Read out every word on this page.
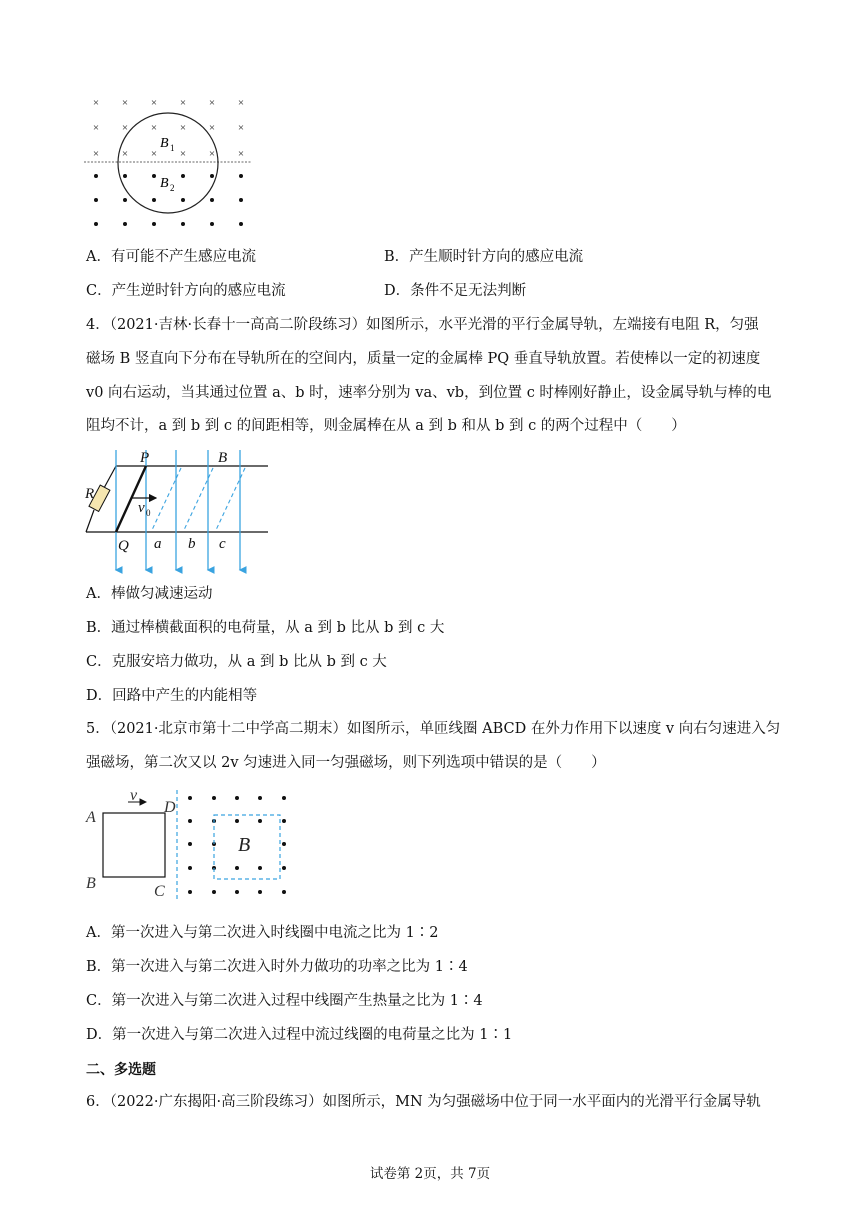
× × × × × ×
× × × × × ×
× × × × × ×
B 1
B 2
A．有可能不产生感应电流	B．产生顺时针方向的感应电流
C．产生逆时针方向的感应电流	D．条件不足无法判断
4．（2021·吉林·长春十一高高二阶段练习）如图所示，水平光滑的平行金属导轨，左端接有电阻 R，匀强
磁场 B 竖直向下分布在导轨所在的空间内，质量一定的金属棒 PQ 垂直导轨放置。若使棒以一定的初速度
v0 向右运动，当其通过位置 a、b 时，速率分别为 va、vb，到位置 c 时棒刚好静止，设金属导轨与棒的电
阻均不计，a 到 b 到 c 的间距相等，则金属棒在从 a 到 b 和从 b 到 c 的两个过程中（　　）
P	B
R
v
Q a b c
0
A．棒做匀减速运动
B．通过棒横截面积的电荷量，从 a 到 b 比从 b 到 c 大
C．克服安培力做功，从 a 到 b 比从 b 到 c 大
D．回路中产生的内能相等
5．（2021·北京市第十二中学高二期末）如图所示，单匝线圈 ABCD 在外力作用下以速度 v 向右匀速进入匀
强磁场，第二次又以 2v 匀速进入同一匀强磁场，则下列选项中错误的是（　　）
v
A
D
B	C
B
A．第一次进入与第二次进入时线圈中电流之比为 1∶2
B．第一次进入与第二次进入时外力做功的功率之比为 1∶4
C．第一次进入与第二次进入过程中线圈产生热量之比为 1∶4
D．第一次进入与第二次进入过程中流过线圈的电荷量之比为 1∶1
二、多选题
6．（2022·广东揭阳·高三阶段练习）如图所示，MN 为匀强磁场中位于同一水平面内的光滑平行金属导轨
试卷第 2页，共 7页
